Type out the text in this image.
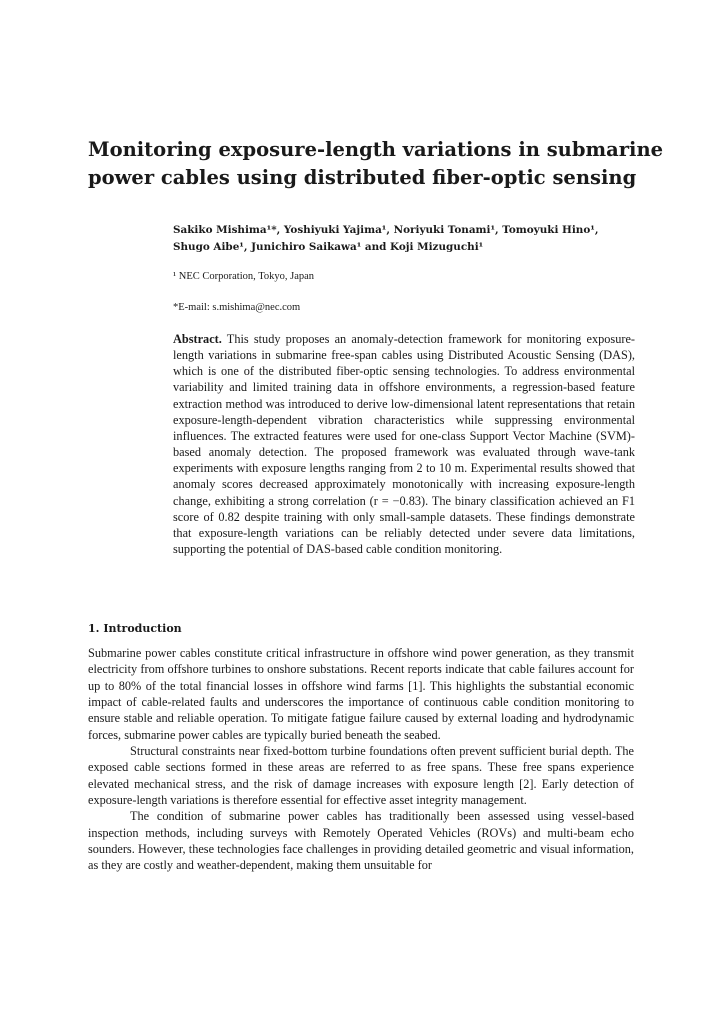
Monitoring exposure-length variations in submarine
power cables using distributed fiber-optic sensing
Sakiko Mishima¹*, Yoshiyuki Yajima¹, Noriyuki Tonami¹, Tomoyuki Hino¹,
Shugo Aibe¹, Junichiro Saikawa¹ and Koji Mizuguchi¹
¹ NEC Corporation, Tokyo, Japan
*E-mail: s.mishima@nec.com
Abstract. This study proposes an anomaly-detection framework for monitoring exposure-length variations in submarine free-span cables using Distributed Acoustic Sensing (DAS), which is one of the distributed fiber-optic sensing technologies. To address environmental variability and limited training data in offshore environments, a regression-based feature extraction method was introduced to derive low-dimensional latent representations that retain exposure-length-dependent vibration characteristics while suppressing environmental influences. The extracted features were used for one-class Support Vector Machine (SVM)-based anomaly detection. The proposed framework was evaluated through wave-tank experiments with exposure lengths ranging from 2 to 10 m. Experimental results showed that anomaly scores decreased approximately monotonically with increasing exposure-length change, exhibiting a strong correlation (r = −0.83). The binary classification achieved an F1 score of 0.82 despite training with only small-sample datasets. These findings demonstrate that exposure-length variations can be reliably detected under severe data limitations, supporting the potential of DAS-based cable condition monitoring.
1. Introduction

Submarine power cables constitute critical infrastructure in offshore wind power generation, as they transmit electricity from offshore turbines to onshore substations. Recent reports indicate that cable failures account for up to 80% of the total financial losses in offshore wind farms [1]. This highlights the substantial economic impact of cable-related faults and underscores the importance of continuous cable condition monitoring to ensure stable and reliable operation. To mitigate fatigue failure caused by external loading and hydrodynamic forces, submarine power cables are typically buried beneath the seabed.

Structural constraints near fixed-bottom turbine foundations often prevent sufficient burial depth. The exposed cable sections formed in these areas are referred to as free spans. These free spans experience elevated mechanical stress, and the risk of damage increases with exposure length [2]. Early detection of exposure-length variations is therefore essential for effective asset integrity management.

The condition of submarine power cables has traditionally been assessed using vessel-based inspection methods, including surveys with Remotely Operated Vehicles (ROVs) and multi-beam echo sounders. However, these technologies face challenges in providing detailed geometric and visual information, as they are costly and weather-dependent, making them unsuitable for
